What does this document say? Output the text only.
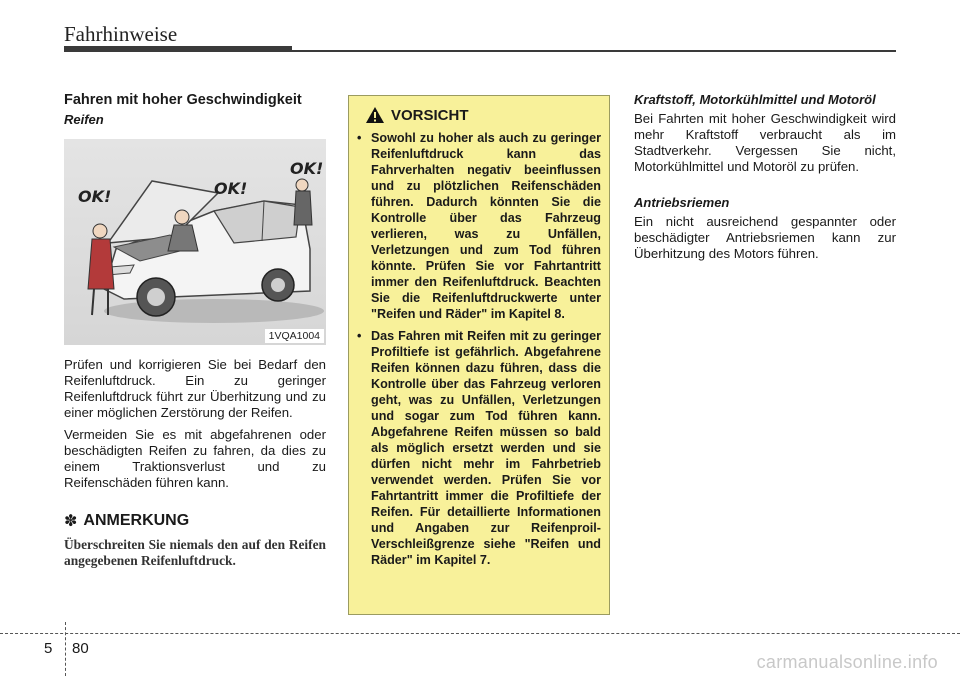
Fahrhinweise
Fahren mit hoher Geschwindigkeit
Reifen
OK!	OK!
OK!
1VQA1004

Prüfen und korrigieren Sie bei Bedarf den Reifenluftdruck. Ein zu geringer Reifenluftdruck führt zur Überhitzung und zu einer möglichen Zerstörung der Reifen.

Vermeiden Sie es mit abgefahrenen oder beschädigten Reifen zu fahren, da dies zu einem Traktionsverlust und zu Reifenschäden führen kann.

✽ ANMERKUNG
Überschreiten Sie niemals den auf den Reifen angegebenen Reifenluftdruck.
VORSICHT
• Sowohl zu hoher als auch zu geringer Reifenluftdruck kann das Fahrverhalten negativ beeinflussen und zu plötzlichen Reifenschäden führen. Dadurch könnten Sie die Kontrolle über das Fahrzeug verlieren, was zu Unfällen, Verletzungen und zum Tod führen könnte. Prüfen Sie vor Fahrtantritt immer den Reifenluftdruck. Beachten Sie die Reifenluftdruckwerte unter "Reifen und Räder" im Kapitel 8.
• Das Fahren mit Reifen mit zu geringer Profiltiefe ist gefährlich. Abgefahrene Reifen können dazu führen, dass die Kontrolle über das Fahrzeug verloren geht, was zu Unfällen, Verletzungen und sogar zum Tod führen kann. Abgefahrene Reifen müssen so bald als möglich ersetzt werden und sie dürfen nicht mehr im Fahrbetrieb verwendet werden. Prüfen Sie vor Fahrtantritt immer die Profiltiefe der Reifen. Für detaillierte Informationen und Angaben zur Reifenproil-Verschleißgrenze siehe "Reifen und Räder" im Kapitel 7.
Kraftstoff, Motorkühlmittel und Motoröl

Bei Fahrten mit hoher Geschwindigkeit wird mehr Kraftstoff verbraucht als im Stadtverkehr. Vergessen Sie nicht, Motorkühlmittel und Motoröl zu prüfen.

Antriebsriemen

Ein nicht ausreichend gespannter oder beschädigter Antriebsriemen kann zur Überhitzung des Motors führen.

5 80
carmanualsonline.info
